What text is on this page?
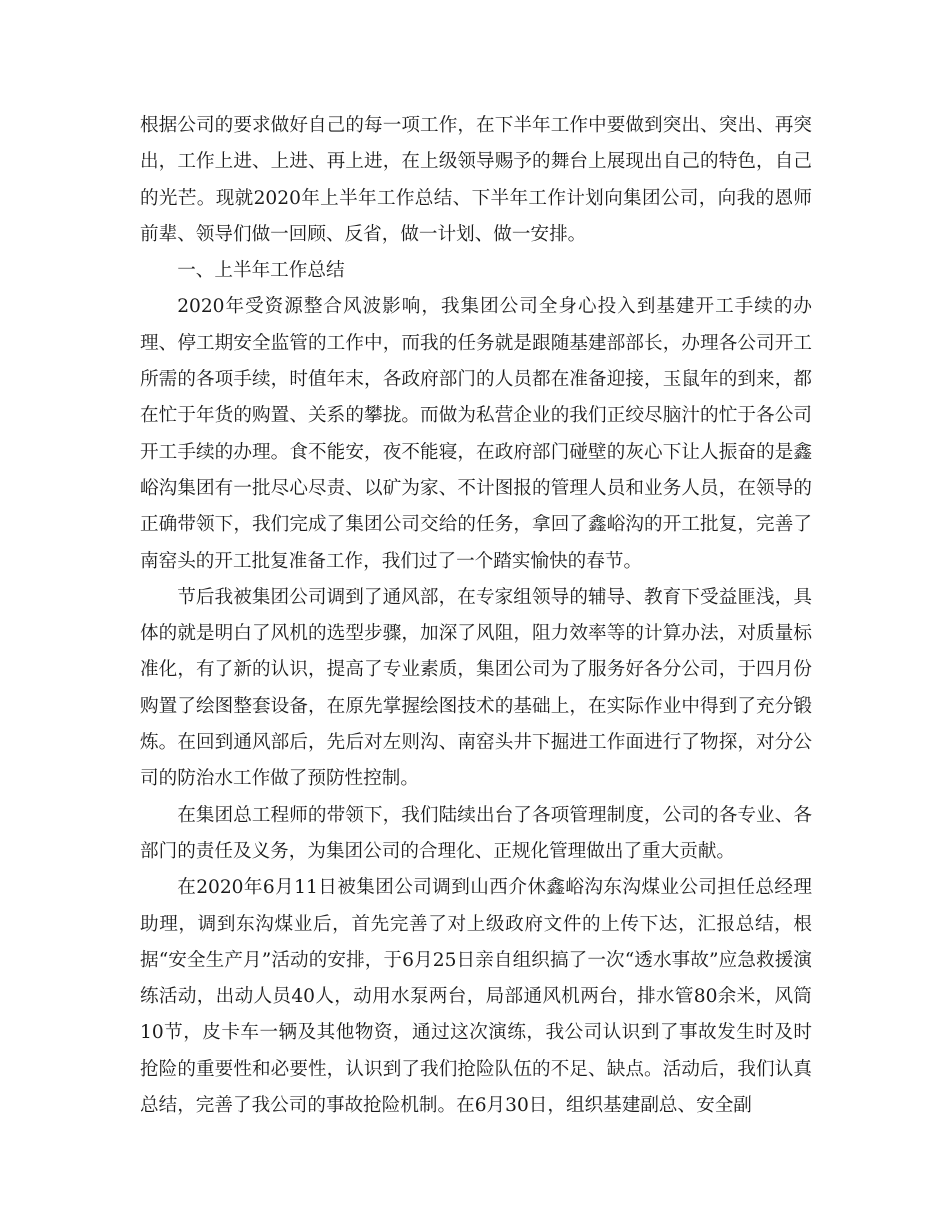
根据公司的要求做好自己的每一项工作，在下半年工作中要做到突出、突出、再突出，工作上进、上进、再上进，在上级领导赐予的舞台上展现出自己的特色，自己的光芒。现就2020年上半年工作总结、下半年工作计划向集团公司，向我的恩师前辈、领导们做一回顾、反省，做一计划、做一安排。

一、上半年工作总结

2020年受资源整合风波影响，我集团公司全身心投入到基建开工手续的办理、停工期安全监管的工作中，而我的任务就是跟随基建部部长，办理各公司开工所需的各项手续，时值年末，各政府部门的人员都在准备迎接，玉鼠年的到来，都在忙于年货的购置、关系的攀拢。而做为私营企业的我们正绞尽脑汁的忙于各公司开工手续的办理。食不能安，夜不能寝，在政府部门碰壁的灰心下让人振奋的是鑫峪沟集团有一批尽心尽责、以矿为家、不计图报的管理人员和业务人员，在领导的正确带领下，我们完成了集团公司交给的任务，拿回了鑫峪沟的开工批复，完善了南窑头的开工批复准备工作，我们过了一个踏实愉快的春节。

节后我被集团公司调到了通风部，在专家组领导的辅导、教育下受益匪浅，具体的就是明白了风机的选型步骤，加深了风阻，阻力效率等的计算办法，对质量标准化，有了新的认识，提高了专业素质，集团公司为了服务好各分公司，于四月份购置了绘图整套设备，在原先掌握绘图技术的基础上，在实际作业中得到了充分锻炼。在回到通风部后，先后对左则沟、南窑头井下掘进工作面进行了物探，对分公司的防治水工作做了预防性控制。

在集团总工程师的带领下，我们陆续出台了各项管理制度，公司的各专业、各部门的责任及义务，为集团公司的合理化、正规化管理做出了重大贡献。

在2020年6月11日被集团公司调到山西介休鑫峪沟东沟煤业公司担任总经理助理，调到东沟煤业后，首先完善了对上级政府文件的上传下达，汇报总结，根据“安全生产月”活动的安排，于6月25日亲自组织搞了一次“透水事故”应急救援演练活动，出动人员40人，动用水泵两台，局部通风机两台，排水管80余米，风筒10节，皮卡车一辆及其他物资，通过这次演练，我公司认识到了事故发生时及时抢险的重要性和必要性，认识到了我们抢险队伍的不足、缺点。活动后，我们认真总结，完善了我公司的事故抢险机制。在6月30日，组织基建副总、安全副
